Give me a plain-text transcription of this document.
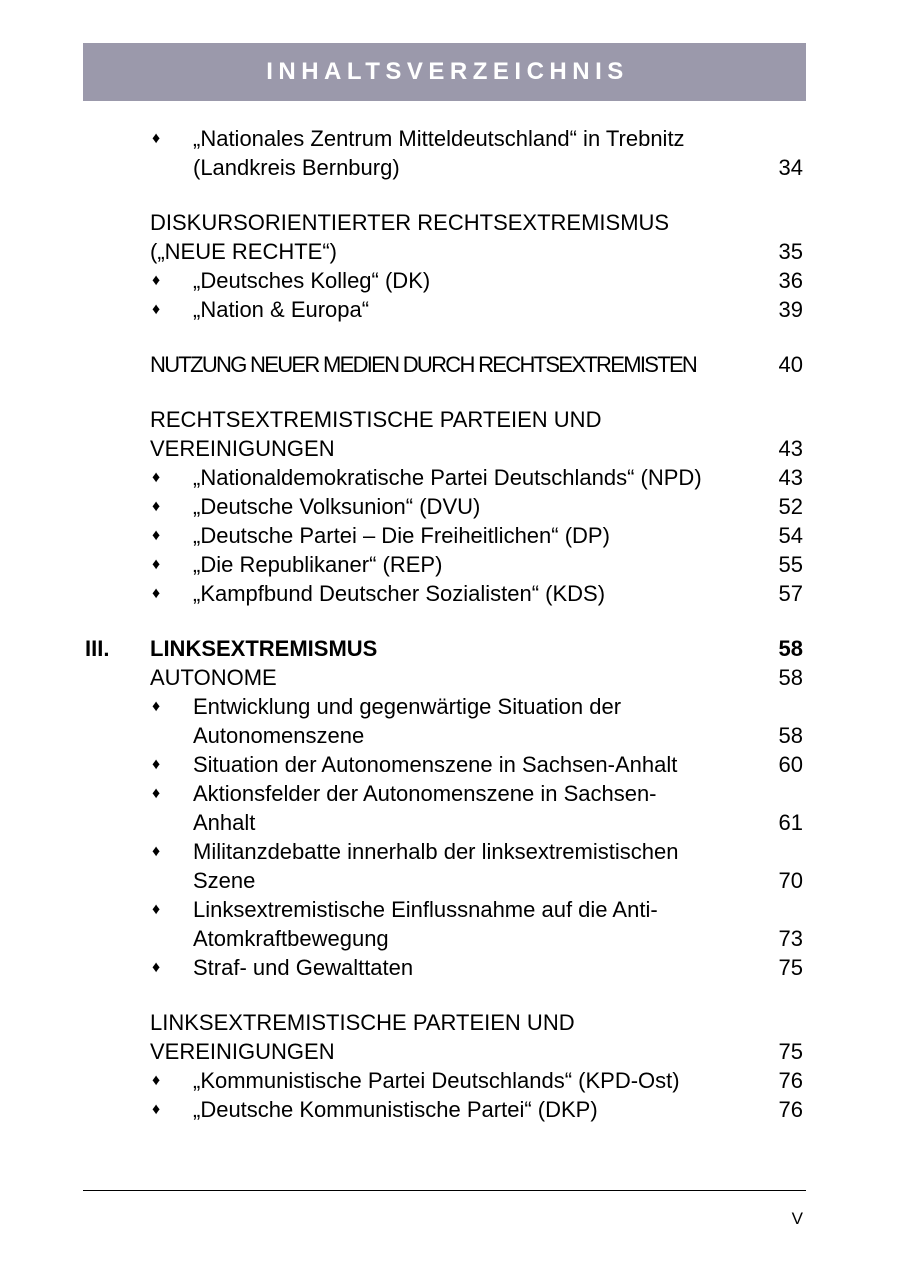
INHALTSVERZEICHNIS
♦ „Nationales Zentrum Mitteldeutschland“ in Trebnitz
(Landkreis Bernburg)	34
DISKURSORIENTIERTER RECHTSEXTREMISMUS
(„NEUE RECHTE“)	35
♦ „Deutsches Kolleg“ (DK)	36
♦ „Nation & Europa“	39
NUTZUNG NEUER MEDIEN DURCH RECHTSEXTREMISTEN	40
RECHTSEXTREMISTISCHE PARTEIEN UND
VEREINIGUNGEN	43
♦ „Nationaldemokratische Partei Deutschlands“ (NPD)	43
♦ „Deutsche Volksunion“ (DVU)	52
♦ „Deutsche Partei – Die Freiheitlichen“ (DP)	54
♦ „Die Republikaner“ (REP)	55
♦ „Kampfbund Deutscher Sozialisten“ (KDS)	57
III. LINKSEXTREMISMUS	58
AUTONOME	58
♦ Entwicklung und gegenwärtige Situation der
Autonomenszene	58
♦ Situation der Autonomenszene in Sachsen-Anhalt	60
♦ Aktionsfelder der Autonomenszene in Sachsen-
Anhalt	61
♦ Militanzdebatte innerhalb der linksextremistischen
Szene	70
♦ Linksextremistische Einflussnahme auf die Anti-
Atomkraftbewegung	73
♦ Straf- und Gewalttaten	75
LINKSEXTREMISTISCHE PARTEIEN UND
VEREINIGUNGEN	75
♦ „Kommunistische Partei Deutschlands“ (KPD-Ost)	76
♦ „Deutsche Kommunistische Partei“ (DKP)	76
V
